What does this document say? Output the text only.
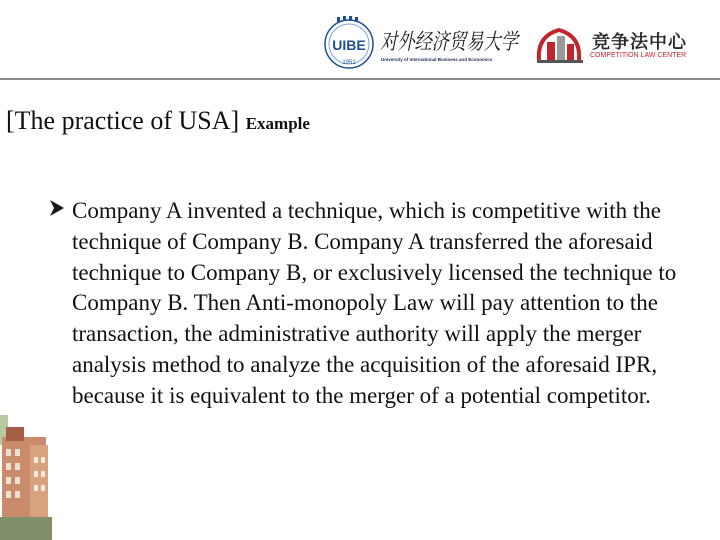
UIBE
1951
对外经济贸易大学
University of International Business and Economics
竞争法中心
COMPETITION LAW CENTER
[The practice of USA] Example
Company A invented a technique, which is competitive with the technique of Company B. Company A transferred the aforesaid technique to Company B, or exclusively licensed the technique to Company B. Then Anti-monopoly Law will pay attention to the transaction, the administrative authority will apply the merger analysis method to analyze the acquisition of the aforesaid IPR, because it is equivalent to the merger of a potential competitor.
